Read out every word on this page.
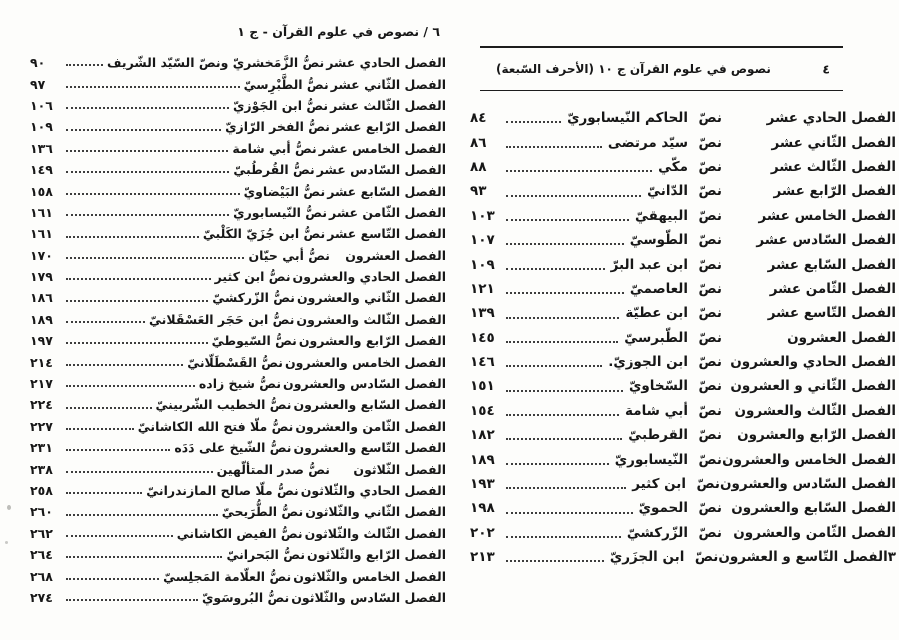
٦ / نصوص في علوم القرآن - ج ١
الفصل الحادي عشر
نصُّ الزَّمَخشريّ ونصّ السّيّد الشّريف
٩٠
الفصل الثّاني عشر
نصُّ الطَّبْرِسيّ
٩٧
الفصل الثّالث عشر
نصُّ ابن الجَوْزيّ
١٠٦
الفصل الرّابع عشر
نصُّ الفخر الرّازيّ
١٠٩
الفصل الخامس عشر
نصُّ أبي شامة
١٣٦
الفصل السّادس عشر
نصُّ القُرطُبيّ
١٤٩
الفصل السّابع عشر
نصُّ البَيْضاويّ
١٥٨
الفصل الثّامن عشر
نصُّ النّيسابوريّ
١٦١
الفصل التّاسع عشر
نصُّ ابن جُزَيّ الكَلْبيّ
١٦١
الفصل العشرون
نصُّ أبي حيّان
١٧٠
الفصل الحادي والعشرون
نصُّ ابن كثير
١٧٩
الفصل الثّاني والعشرون
نصُّ الزّركشيّ
١٨٦
الفصل الثّالث والعشرون
نصُّ ابن حَجَر العَسْقَلانيّ
١٨٩
الفصل الرّابع والعشرون
نصُّ السّيوطيّ
١٩٧
الفصل الخامس والعشرون
نصُّ القَسْطَلّانيّ
٢١٤
الفصل السّادس والعشرون
نصُّ شيخ زاده
٢١٧
الفصل السّابع والعشرون
نصُّ الخطيب الشّربينيّ
٢٢٤
الفصل الثّامن والعشرون
نصُّ ملّا فتح الله الكاشانيّ
٢٢٧
الفصل التّاسع والعشرون
نصُّ الشّيخ على دَدَه
٢٣١
الفصل الثّلاثون
نصُّ صدر المتألّهين
٢٣٨
الفصل الحادي والثّلاثون
نصُّ ملّا صالح المازندرانيّ
٢٥٨
الفصل الثّاني والثّلاثون
نصُّ الطُّرَيحيّ
٢٦٠
الفصل الثّالث والثّلاثون
نصُّ الفيض الكاشاني
٢٦٢
الفصل الرّابع والثّلاثون
نصُّ البَحرانيّ
٢٦٤
الفصل الخامس والثّلاثون
نصُّ العلّامة المَجلِسيّ
٢٦٨
الفصل السّادس والثّلاثون
نصُّ البُروسَويّ
٢٧٤
نصوص في علوم القرآن ج ١٠ (الأحرف السّبعة)	٤
الفصل الحادي عشر
نصّ
الحاكم النّيسابوريّ
٨٤
الفصل الثّاني عشر
نصّ
سيّد مرتضى
٨٦
الفصل الثّالث عشر
نصّ
مكّي
٨٨
الفصل الرّابع عشر
نصّ
الدّانيّ
٩٣
الفصل الخامس عشر
نصّ
البيهقيّ
١٠٣
الفصل السّادس عشر
نصّ
الطّوسيّ
١٠٧
الفصل السّابع عشر
نصّ
ابن عبد البرّ
١٠٩
الفصل الثّامن عشر
نصّ
العاصميّ
١٢١
الفصل التّاسع عشر
نصّ
ابن عطيّة
١٣٩
الفصل العشرون
نصّ
الطّبرسيّ
١٤٥
الفصل الحادي والعشرون
نصّ
ابن الجوزيّ.
١٤٦
الفصل الثّاني و العشرون
نصّ
السّخاويّ
١٥١
الفصل الثّالث والعشرون
نصّ
أبي شامة
١٥٤
الفصل الرّابع والعشرون
نصّ
القرطبيّ
١٨٢
الفصل الخامس والعشرون
نصّ
النّيسابوريّ
١٨٩
الفصل السّادس والعشرون
نصّ
ابن كثير
١٩٣
الفصل السّابع والعشرون
نصّ
الحمويّ
١٩٨
الفصل الثّامن والعشرون
نصّ
الزّركشيّ
٢٠٢
٣الفصل التّاسع و العشرون
نصّ
ابن الجزَريّ
٢١٣
